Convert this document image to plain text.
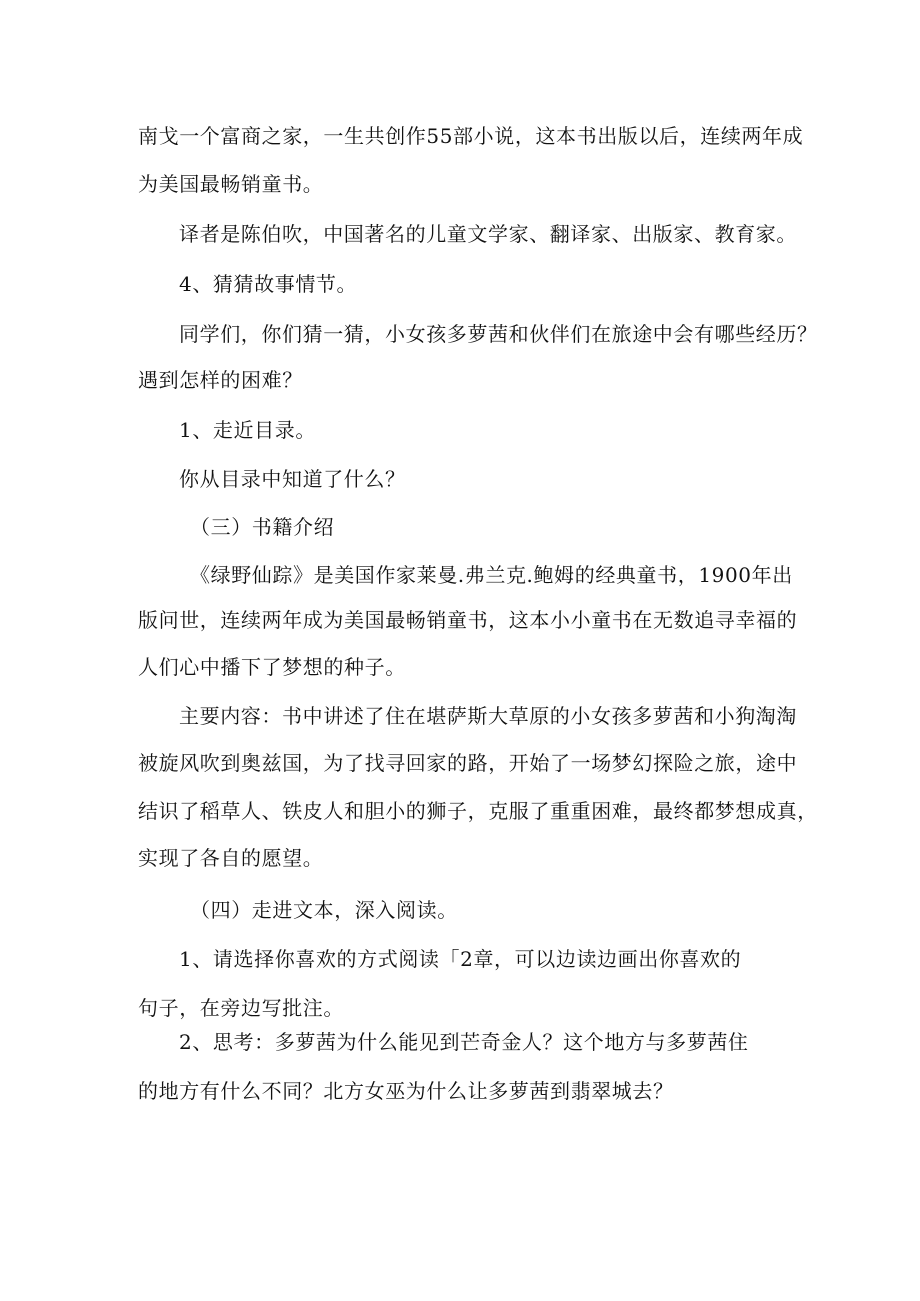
南戈一个富商之家，一生共创作55部小说，这本书出版以后，连续两年成
为美国最畅销童书。
译者是陈伯吹，中国著名的儿童文学家、翻译家、出版家、教育家。
4、猜猜故事情节。
同学们，你们猜一猜，小女孩多萝茜和伙伴们在旅途中会有哪些经历？
遇到怎样的困难？
1、走近目录。
你从目录中知道了什么？
（三）书籍介绍
《绿野仙踪》是美国作家莱曼.弗兰克.鲍姆的经典童书，1900年出
版问世，连续两年成为美国最畅销童书，这本小小童书在无数追寻幸福的
人们心中播下了梦想的种子。
主要内容：书中讲述了住在堪萨斯大草原的小女孩多萝茜和小狗淘淘
被旋风吹到奥兹国，为了找寻回家的路，开始了一场梦幻探险之旅，途中
结识了稻草人、铁皮人和胆小的狮子，克服了重重困难，最终都梦想成真，
实现了各自的愿望。
（四）走进文本，深入阅读。
1、请选择你喜欢的方式阅读「2章，可以边读边画出你喜欢的
句子，在旁边写批注。
2、思考：多萝茜为什么能见到芒奇金人？这个地方与多萝茜住
的地方有什么不同？北方女巫为什么让多萝茜到翡翠城去？
